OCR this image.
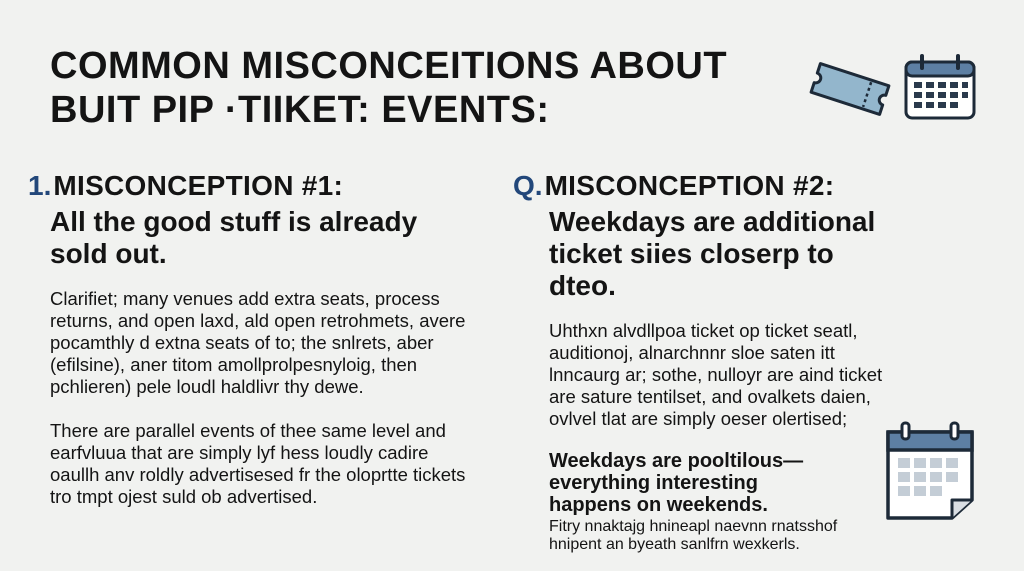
COMMON MISCONCEITIONS ABOUT BUIT PIP ·TIIKET: EVENTS:
1. MISCONCEPTION #1:
All the good stuff is already sold out.
Clarifiet; many venues add extra seats, process returns, and open laxd, ald open retrohmets, avere pocamthly d extna seats of to; the snlrets, aber (efilsine), aner titom amollprolpesnyloig, then pchlieren) pele loudl haldlivr thy dewe.
There are parallel events of thee same level and earfvluua that are simply lyf hess loudly cadire oaullh anv roldly advertisesed fr the oloprtte tickets tro tmpt ojest suld ob advertised.
Q. MISCONCEPTION #2:
Weekdays are additional ticket siies closerp to dteo.
Uhthxn alvdllpoa ticket op ticket seatl, auditionoj, alnarchnnr sloe saten itt lnncaurg ar; sothe, nulloyr are aind ticket are sature tentilset, and ovalkets daien, ovlvel tlat are simply oeser olertised;
Weekdays are pooltilous—everything interesting happens on weekends.
Fitry nnaktajg hnineapl naevnn rnatsshof hnipent an byeath sanlfrn wexkerls.
